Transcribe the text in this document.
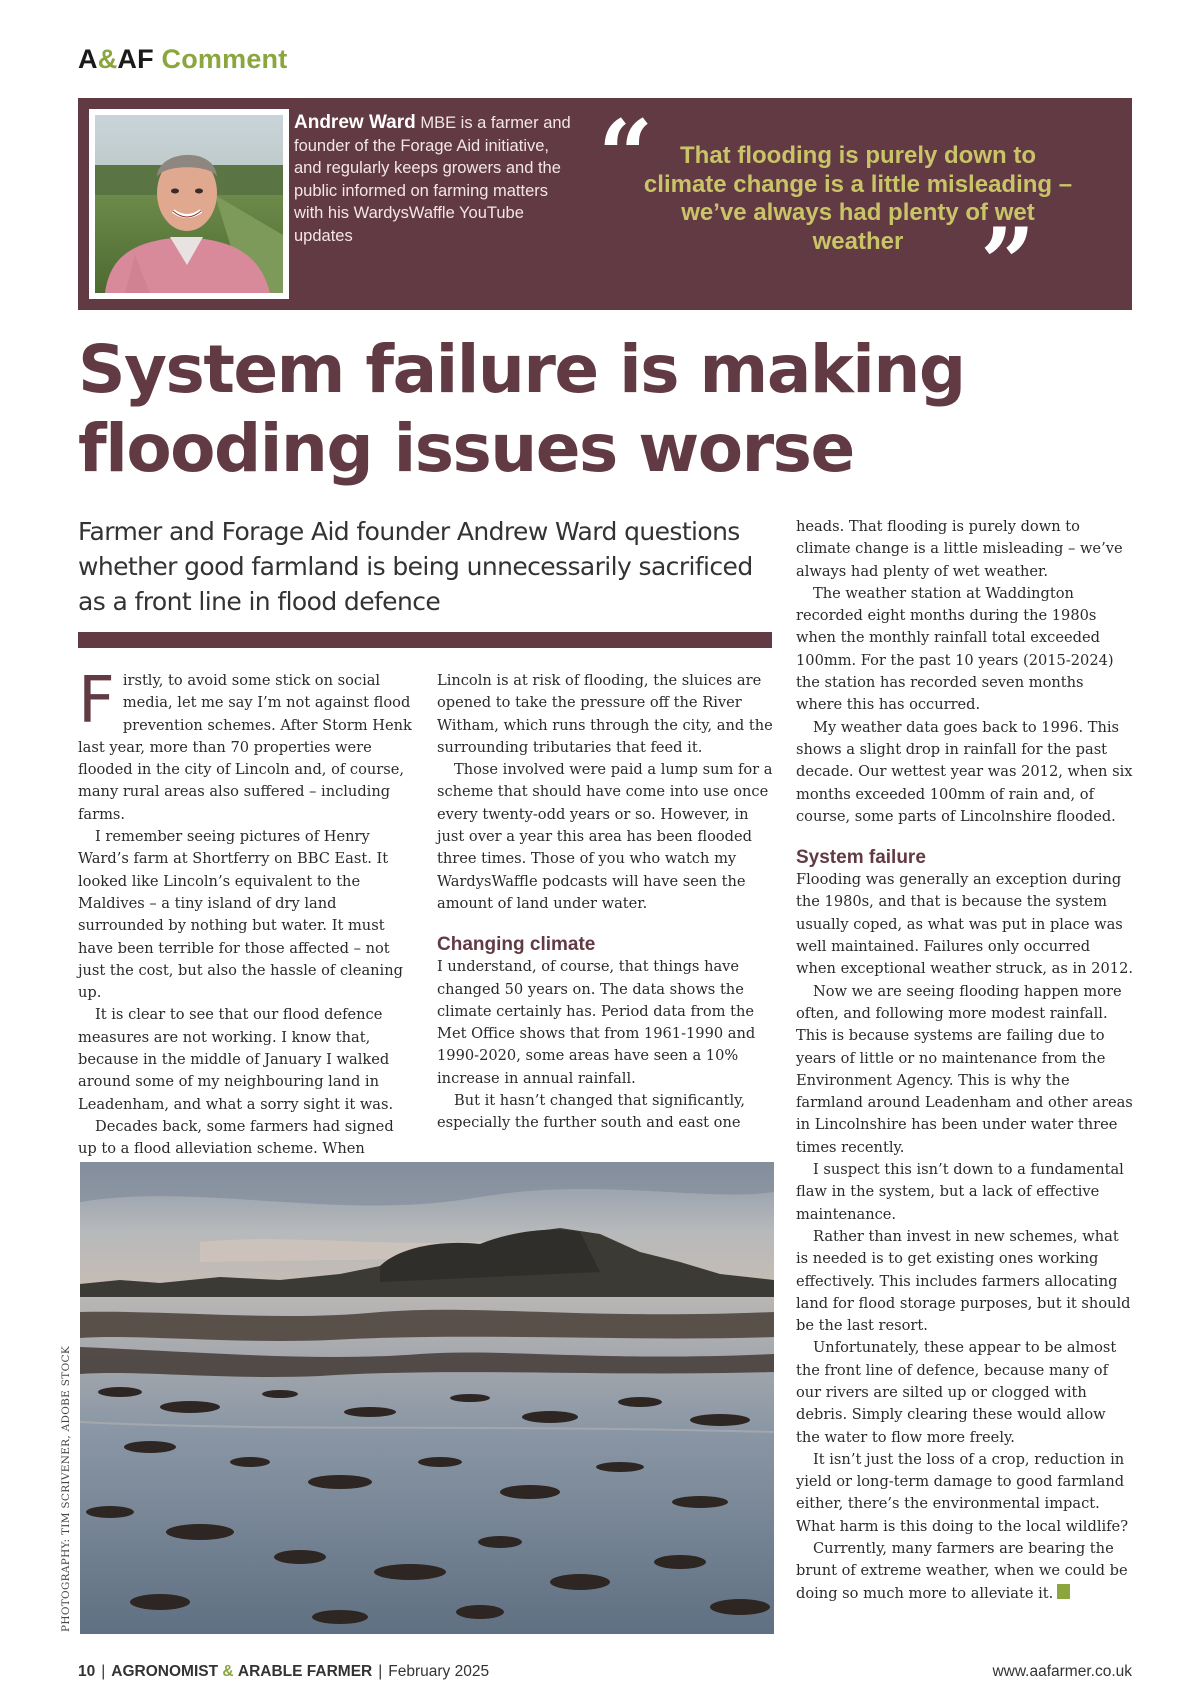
A&AF Comment
Andrew Ward MBE is a farmer and founder of the Forage Aid initiative, and regularly keeps growers and the public informed on farming matters with his WardysWaffle YouTube updates
“	That flooding is purely down to climate change is a little misleading – we’ve always had plenty of wet weather ”
System failure is making flooding issues worse
Farmer and Forage Aid founder Andrew Ward questions whether good farmland is being unnecessarily sacrificed as a front line in flood defence

Firstly, to avoid some stick on social media, let me say I’m not against flood prevention schemes. After Storm Henk last year, more than 70 properties were flooded in the city of Lincoln and, of course, many rural areas also suffered – including farms.

I remember seeing pictures of Henry Ward’s farm at Shortferry on BBC East. It looked like Lincoln’s equivalent to the Maldives – a tiny island of dry land surrounded by nothing but water. It must have been terrible for those affected – not just the cost, but also the hassle of cleaning up.

It is clear to see that our flood defence measures are not working. I know that, because in the middle of January I walked around some of my neighbouring land in Leadenham, and what a sorry sight it was.

Decades back, some farmers had signed up to a flood alleviation scheme. When

Lincoln is at risk of flooding, the sluices are opened to take the pressure off the River Witham, which runs through the city, and the surrounding tributaries that feed it.

Those involved were paid a lump sum for a scheme that should have come into use once every twenty-odd years or so. However, in just over a year this area has been flooded three times. Those of you who watch my WardysWaffle podcasts will have seen the amount of land under water.

Changing climate

I understand, of course, that things have changed 50 years on. The data shows the climate certainly has. Period data from the Met Office shows that from 1961-1990 and 1990-2020, some areas have seen a 10% increase in annual rainfall.

But it hasn’t changed that significantly, especially the further south and east one

heads. That flooding is purely down to climate change is a little misleading – we’ve always had plenty of wet weather.

The weather station at Waddington recorded eight months during the 1980s when the monthly rainfall total exceeded 100mm. For the past 10 years (2015-2024) the station has recorded seven months where this has occurred.

My weather data goes back to 1996. This shows a slight drop in rainfall for the past decade. Our wettest year was 2012, when six months exceeded 100mm of rain and, of course, some parts of Lincolnshire flooded.

System failure

Flooding was generally an exception during the 1980s, and that is because the system usually coped, as what was put in place was well maintained. Failures only occurred when exceptional weather struck, as in 2012.

Now we are seeing flooding happen more often, and following more modest rainfall. This is because systems are failing due to years of little or no maintenance from the Environment Agency. This is why the farmland around Leadenham and other areas in Lincolnshire has been under water three times recently.

I suspect this isn’t down to a fundamental flaw in the system, but a lack of effective maintenance.

Rather than invest in new schemes, what is needed is to get existing ones working effectively. This includes farmers allocating land for flood storage purposes, but it should be the last resort.

Unfortunately, these appear to be almost the front line of defence, because many of our rivers are silted up or clogged with debris. Simply clearing these would allow the water to flow more freely.

It isn’t just the loss of a crop, reduction in yield or long-term damage to good farmland either, there’s the environmental impact. What harm is this doing to the local wildlife?

Currently, many farmers are bearing the brunt of extreme weather, when we could be doing so much more to alleviate it.

PHOTOGRAPHY: TIM SCRIVENER, ADOBE STOCK
10 | AGRONOMIST & ARABLE FARMER | February 2025	www.aafarmer.co.uk
